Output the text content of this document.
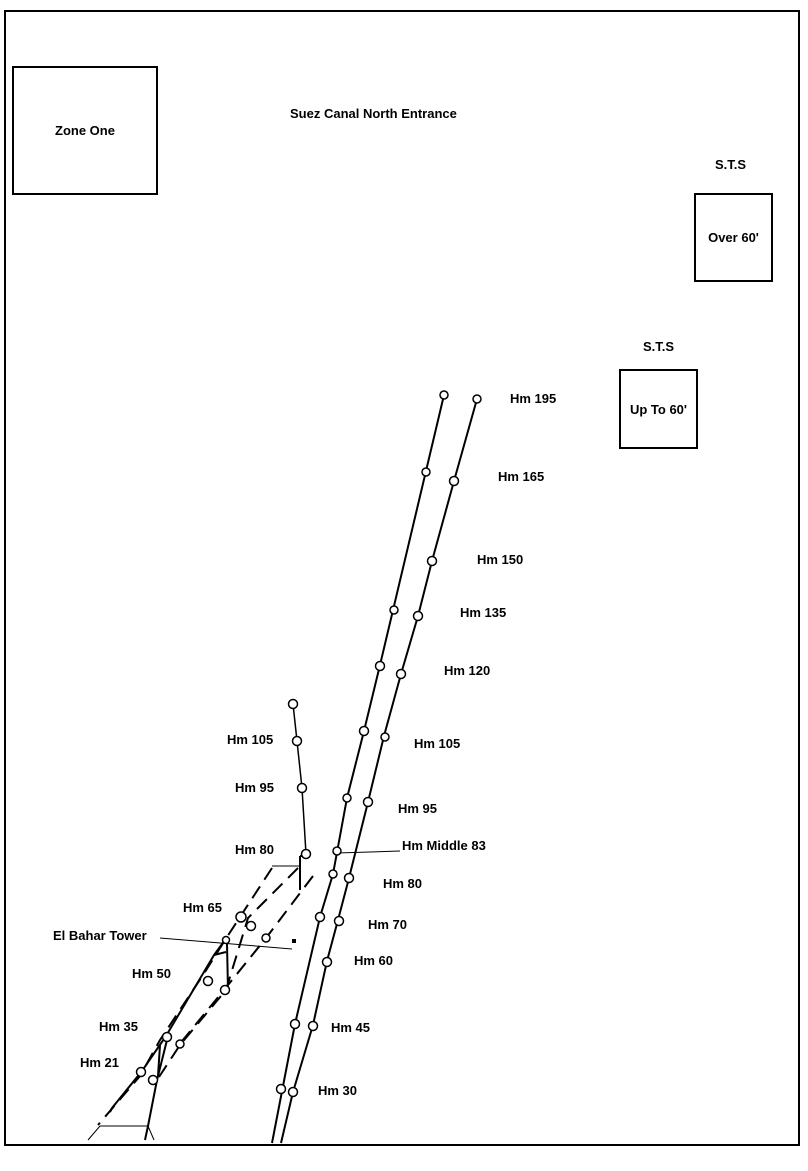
Zone One
Suez Canal North Entrance
S.T.S
Over 60'
S.T.S
Up To 60'
Hm 195
Hm 165
Hm 150
Hm 135
Hm 120
Hm 105
Hm 95
Hm Middle 83
Hm 80
Hm 70
Hm 60
Hm 45
Hm 30
Hm 105
Hm 95
Hm 80
Hm 65
El Bahar Tower
Hm 50
Hm 35
Hm 21
